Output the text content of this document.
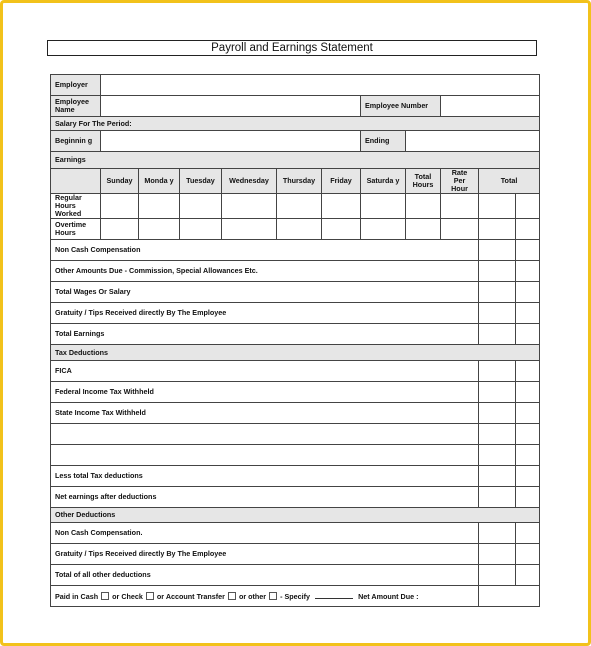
Payroll and Earnings Statement
Employer											
Employee Name							Employee Number				
Salary For The Period:											
Beginnin g							Ending				
Earnings											
	Sunday	Monda y	Tuesday	Wednesday	Thursday	Friday	Saturda y	Total Hours	Rate Per Hour	Total	
Regular Hours Worked											
Overtime Hours											
Non Cash Compensation											
Other Amounts Due - Commission, Special Allowances Etc.											
Total Wages Or Salary											
Gratuity / Tips Received directly By The Employee											
Total Earnings											
Tax Deductions											
FICA											
Federal Income Tax Withheld											
State Income Tax Withheld											

Less total Tax deductions											
Net earnings after deductions											
Other Deductions											
Non Cash Compensation.											
Gratuity / Tips Received directly By The Employee											
Total of all other deductions											
Paid in Cash or Check or Account Transfer or other - Specify Net Amount Due :											
